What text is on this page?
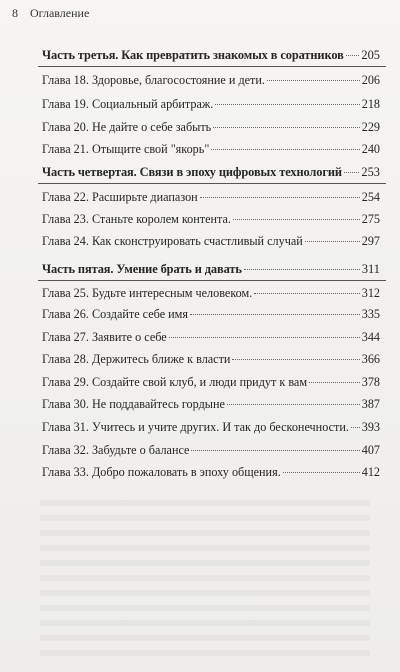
8 Оглавление
Часть третья. Как превратить знакомых в соратников 205
Глава 18. Здоровье, благосостояние и дети.	206
Глава 19. Социальный арбитраж.	218
Глава 20. Не дайте о себе забыть	229
Глава 21. Отыщите свой "якорь"	240
Часть четвертая. Связи в эпоху цифровых технологий 253
Глава 22. Расширьте диапазон	254
Глава 23. Станьте королем контента.	275
Глава 24. Как сконструировать счастливый случай	297
Часть пятая. Умение брать и давать	311
Глава 25. Будьте интересным человеком.	312
Глава 26. Создайте себе имя	335
Глава 27. Заявите о себе	344
Глава 28. Держитесь ближе к власти	366
Глава 29. Создайте свой клуб, и люди придут к вам	378
Глава 30. Не поддавайтесь гордыне	387
Глава 31. Учитесь и учите других. И так до бесконечности. 393
Глава 32. Забудьте о балансе	407
Глава 33. Добро пожаловать в эпоху общения.	412
